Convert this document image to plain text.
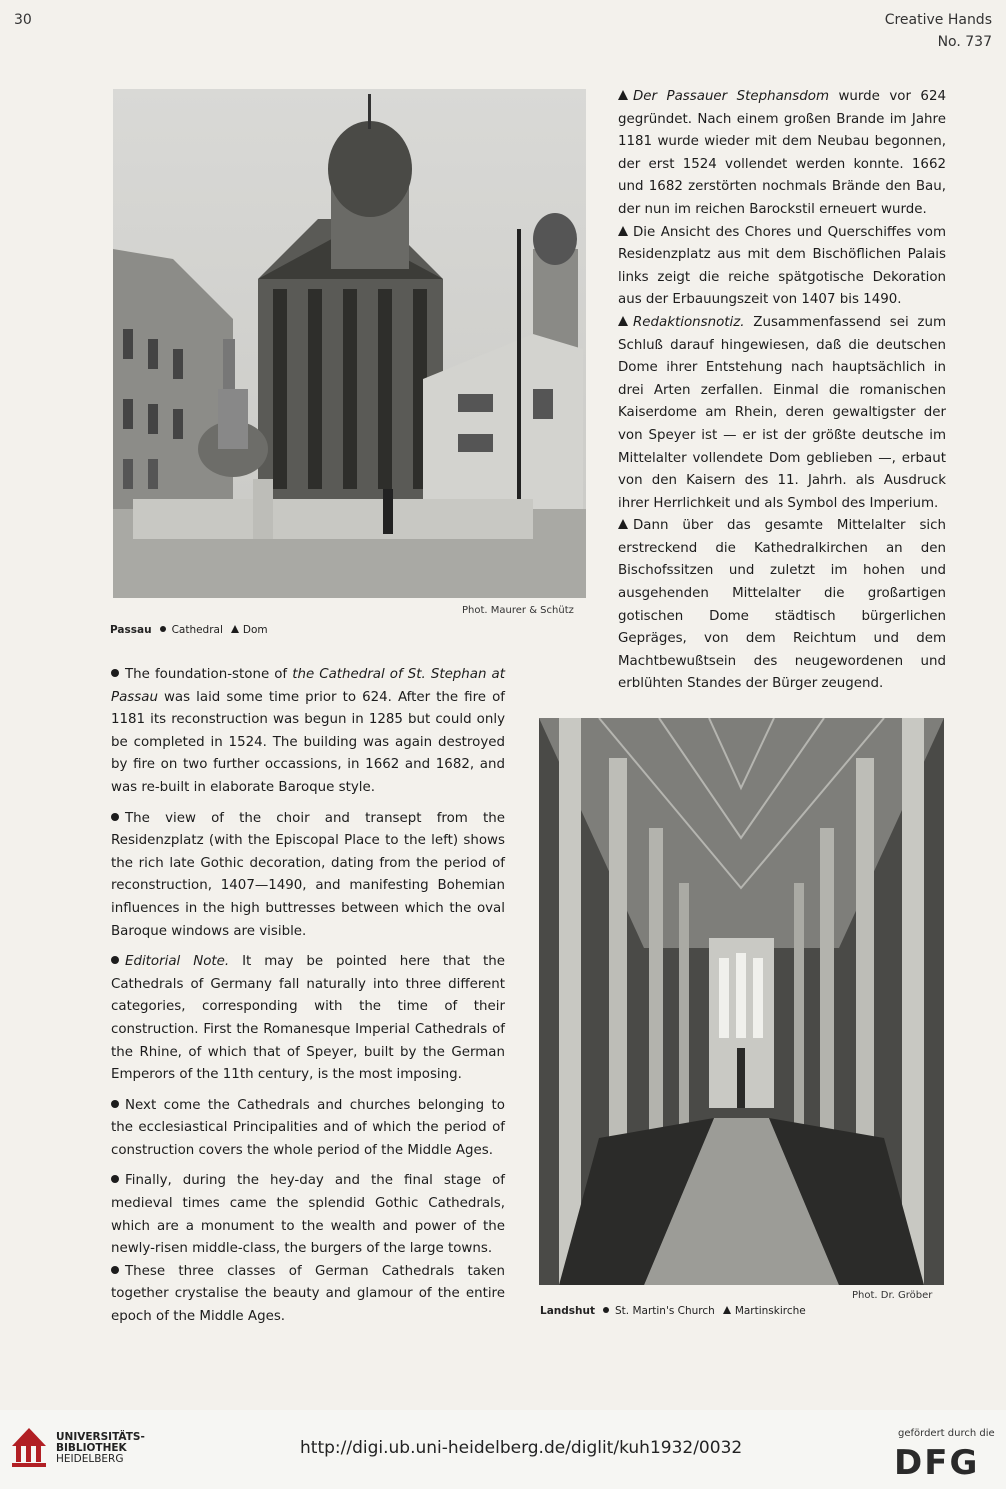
30	Creative Hands
No. 737
Phot. Maurer & Schütz
Passau Cathedral Dom

Der Passauer Stephansdom wurde vor 624 gegründet. Nach einem großen Brande im Jahre 1181 wurde wieder mit dem Neubau begonnen, der erst 1524 vollendet werden konnte. 1662 und 1682 zerstörten nochmals Brände den Bau, der nun im reichen Barockstil erneuert wurde.

Die Ansicht des Chores und Querschiffes vom Residenzplatz aus mit dem Bischöflichen Palais links zeigt die reiche spätgotische Dekoration aus der Erbauungszeit von 1407 bis 1490.

Redaktionsnotiz. Zusammenfassend sei zum Schluß darauf hingewiesen, daß die deutschen Dome ihrer Entstehung nach hauptsächlich in drei Arten zerfallen. Einmal die romanischen Kaiserdome am Rhein, deren gewaltigster der von Speyer ist — er ist der größte deutsche im Mittelalter vollendete Dom geblieben —, erbaut von den Kaisern des 11. Jahrh. als Ausdruck ihrer Herrlichkeit und als Symbol des Imperium.

Dann über das gesamte Mittelalter sich erstreckend die Kathedralkirchen an den Bischofssitzen und zuletzt im hohen und ausgehenden Mittelalter die großartigen gotischen Dome städtisch bürgerlichen Gepräges, von dem Reichtum und dem Machtbewußtsein des neugewordenen und erblühten Standes der Bürger zeugend.

The foundation-stone of the Cathedral of St. Stephan at Passau was laid some time prior to 624. After the fire of 1181 its reconstruction was begun in 1285 but could only be completed in 1524. The building was again destroyed by fire on two further occassions, in 1662 and 1682, and was re-built in elaborate Baroque style.

The view of the choir and transept from the Residenzplatz (with the Episcopal Place to the left) shows the rich late Gothic decoration, dating from the period of reconstruction, 1407—1490, and manifesting Bohemian influences in the high buttresses between which the oval Baroque windows are visible.

Editorial Note. It may be pointed here that the Cathedrals of Germany fall naturally into three different categories, corresponding with the time of their construction. First the Romanesque Imperial Cathedrals of the Rhine, of which that of Speyer, built by the German Emperors of the 11th century, is the most imposing.

Next come the Cathedrals and churches belonging to the ecclesiastical Principalities and of which the period of construction covers the whole period of the Middle Ages.

Finally, during the hey-day and the final stage of medieval times came the splendid Gothic Cathedrals, which are a monument to the wealth and power of the newly-risen middle-class, the burgers of the large towns.

These three classes of German Cathedrals taken together crystalise the beauty and glamour of the entire epoch of the Middle Ages.

Phot. Dr. Gröber
Landshut St. Martin's Church Martinskirche
UNIVERSITÄTS-
BIBLIOTHEK
HEIDELBERG
http://digi.ub.uni-heidelberg.de/diglit/kuh1932/0032
gefördert durch die
DFG
